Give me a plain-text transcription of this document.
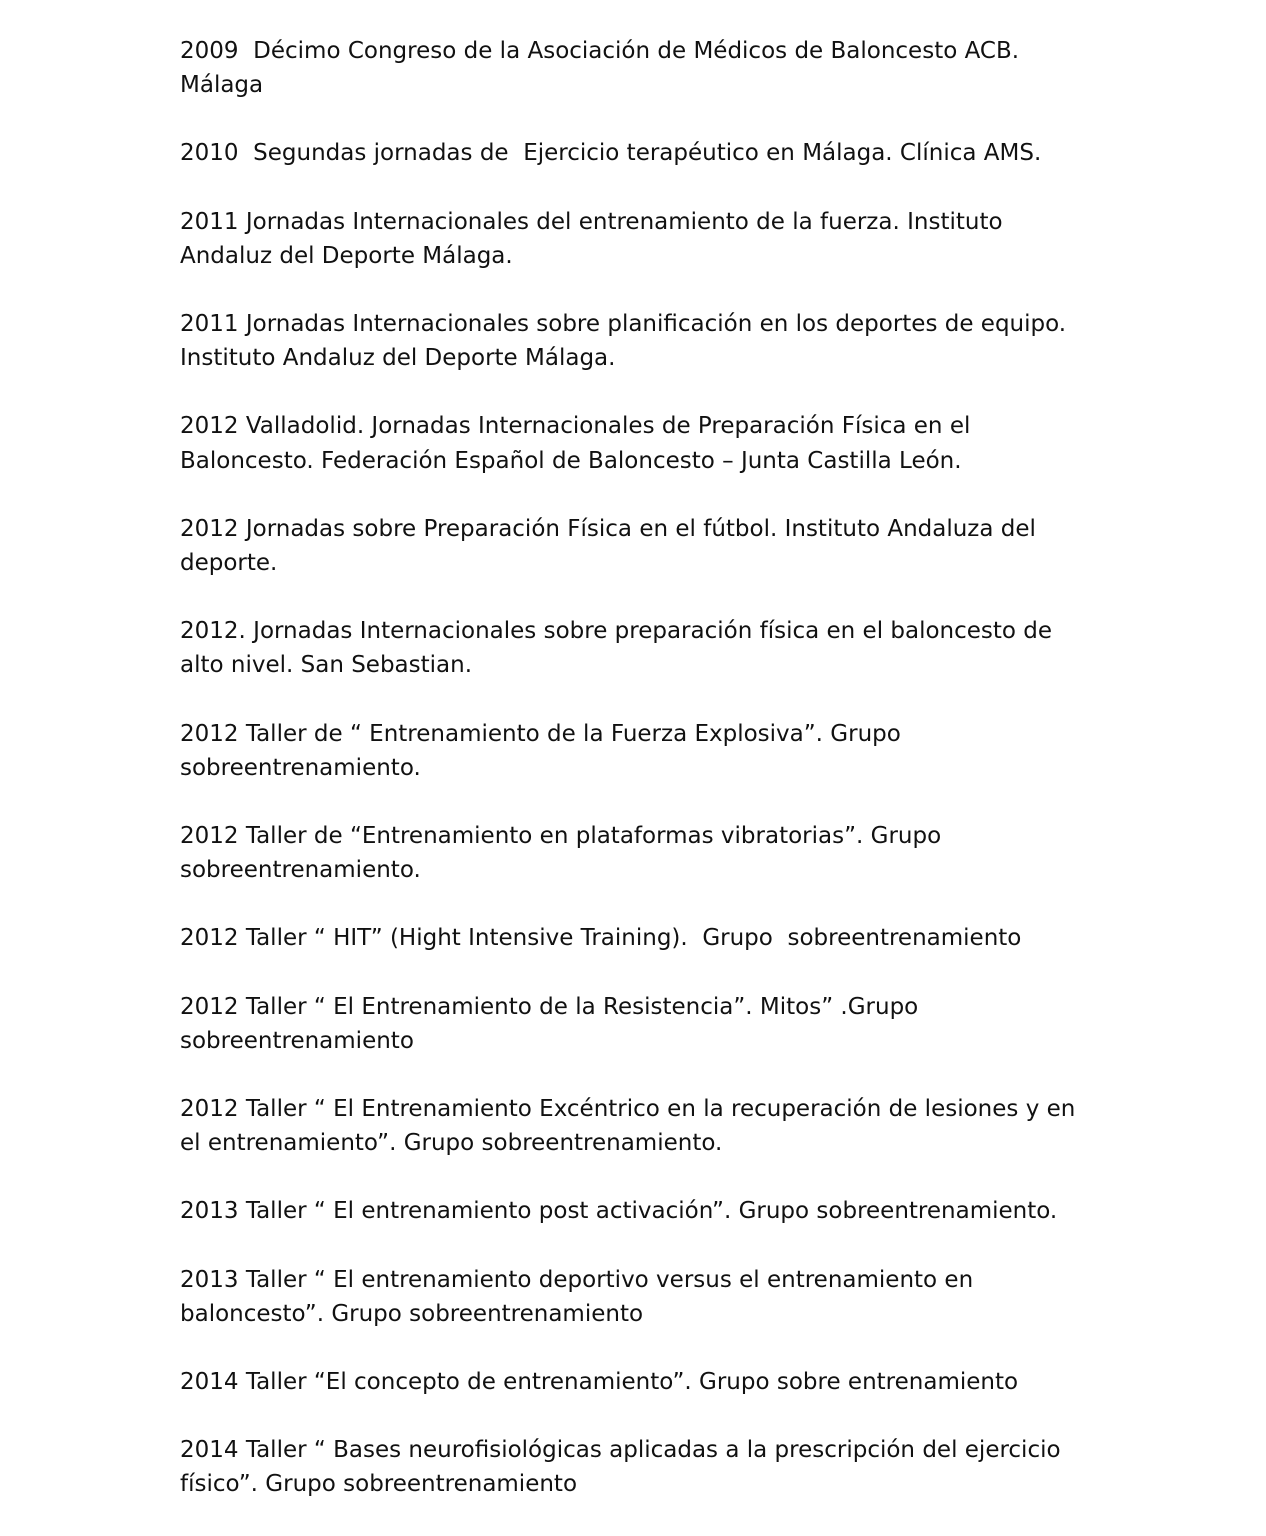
2009  Décimo Congreso de la Asociación de Médicos de Baloncesto ACB.
Málaga

2010  Segundas jornadas de  Ejercicio terapéutico en Málaga. Clínica AMS.

2011 Jornadas Internacionales del entrenamiento de la fuerza. Instituto
Andaluz del Deporte Málaga.

2011 Jornadas Internacionales sobre planificación en los deportes de equipo.
Instituto Andaluz del Deporte Málaga.

2012 Valladolid. Jornadas Internacionales de Preparación Física en el
Baloncesto. Federación Español de Baloncesto – Junta Castilla León.

2012 Jornadas sobre Preparación Física en el fútbol. Instituto Andaluza del
deporte.

2012. Jornadas Internacionales sobre preparación física en el baloncesto de
alto nivel. San Sebastian.

2012 Taller de “ Entrenamiento de la Fuerza Explosiva”. Grupo
sobreentrenamiento.

2012 Taller de “Entrenamiento en plataformas vibratorias”. Grupo
sobreentrenamiento.

2012 Taller “ HIT” (Hight Intensive Training).  Grupo  sobreentrenamiento

2012 Taller “ El Entrenamiento de la Resistencia”. Mitos” .Grupo
sobreentrenamiento

2012 Taller “ El Entrenamiento Excéntrico en la recuperación de lesiones y en
el entrenamiento”. Grupo sobreentrenamiento.

2013 Taller “ El entrenamiento post activación”. Grupo sobreentrenamiento.

2013 Taller “ El entrenamiento deportivo versus el entrenamiento en
baloncesto”. Grupo sobreentrenamiento

2014 Taller “El concepto de entrenamiento”. Grupo sobre entrenamiento

2014 Taller “ Bases neurofisiológicas aplicadas a la prescripción del ejercicio
físico”. Grupo sobreentrenamiento
